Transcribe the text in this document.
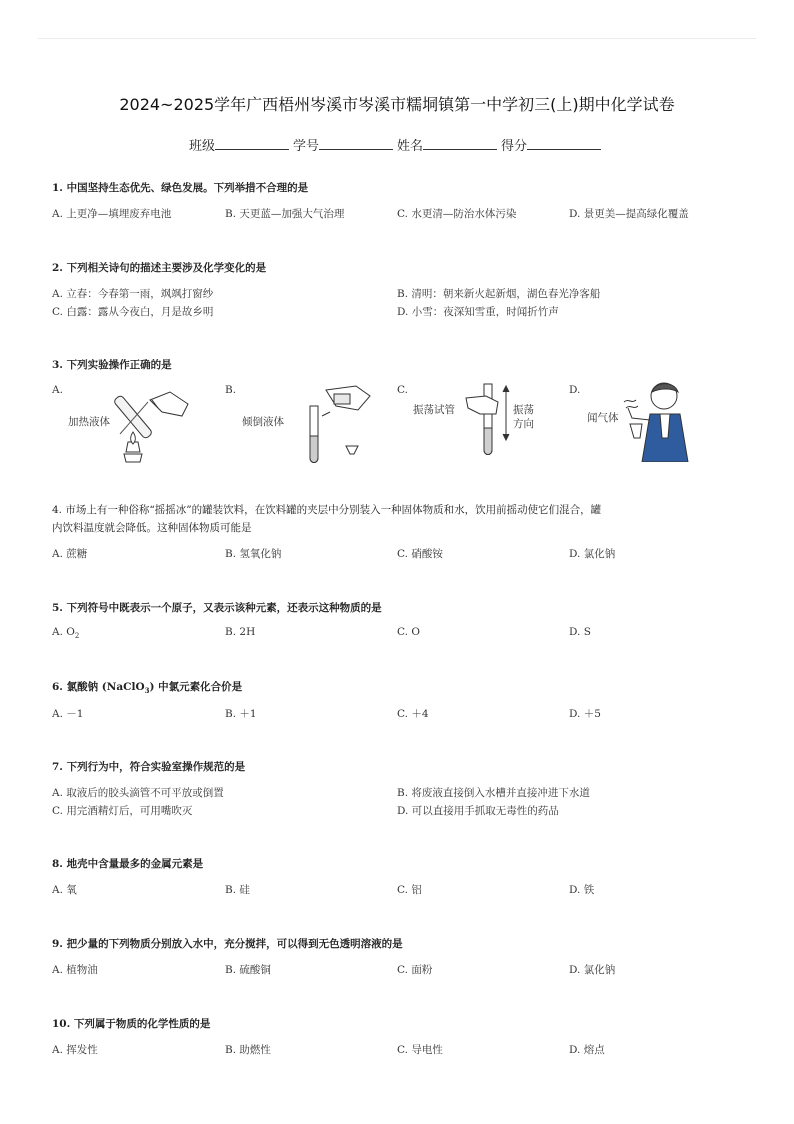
2024~2025学年广西梧州岑溪市岑溪市糯垌镇第一中学初三(上)期中化学试卷
班级	学号	姓名	得分
1. 中国坚持生态优先、绿色发展。下列举措不合理的是
A. 上更净—填埋废弃电池	B. 天更蓝—加强大气治理	C. 水更清—防治水体污染	D. 景更美—提高绿化覆盖
2. 下列相关诗句的描述主要涉及化学变化的是
A. 立春：今春第一雨，飒飒打窗纱	B. 清明：朝来新火起新烟，湖色春光净客船
C. 白露：露从今夜白，月是故乡明	D. 小雪：夜深知雪重，时闻折竹声
3. 下列实验操作正确的是
A.	B.	C.	D.
加热液体	倾倒液体
振荡试管	振荡
方向	闻气体
4. 市场上有一种俗称“摇摇冰”的罐装饮料，在饮料罐的夹层中分别装入一种固体物质和水，饮用前摇动使它们混合，罐
内饮料温度就会降低。这种固体物质可能是
A. 蔗糖	B. 氢氧化钠	C. 硝酸铵	D. 氯化钠
5. 下列符号中既表示一个原子，又表示该种元素，还表示这种物质的是
A. $O_2$	B. 2H	C. O	D. S
6. 氯酸钠 (NaClO$_3$) 中氯元素化合价是
A. －1	B. ＋1	C. ＋4	D. ＋5
7. 下列行为中，符合实验室操作规范的是
A. 取液后的胶头滴管不可平放或倒置	B. 将废液直接倒入水槽并直接冲进下水道
C. 用完酒精灯后，可用嘴吹灭	D. 可以直接用手抓取无毒性的药品
8. 地壳中含量最多的金属元素是
A. 氧	B. 硅	C. 铝	D. 铁
9. 把少量的下列物质分别放入水中，充分搅拌，可以得到无色透明溶液的是
A. 植物油	B. 硫酸铜	C. 面粉	D. 氯化钠
10. 下列属于物质的化学性质的是
A. 挥发性	B. 助燃性	C. 导电性	D. 熔点
